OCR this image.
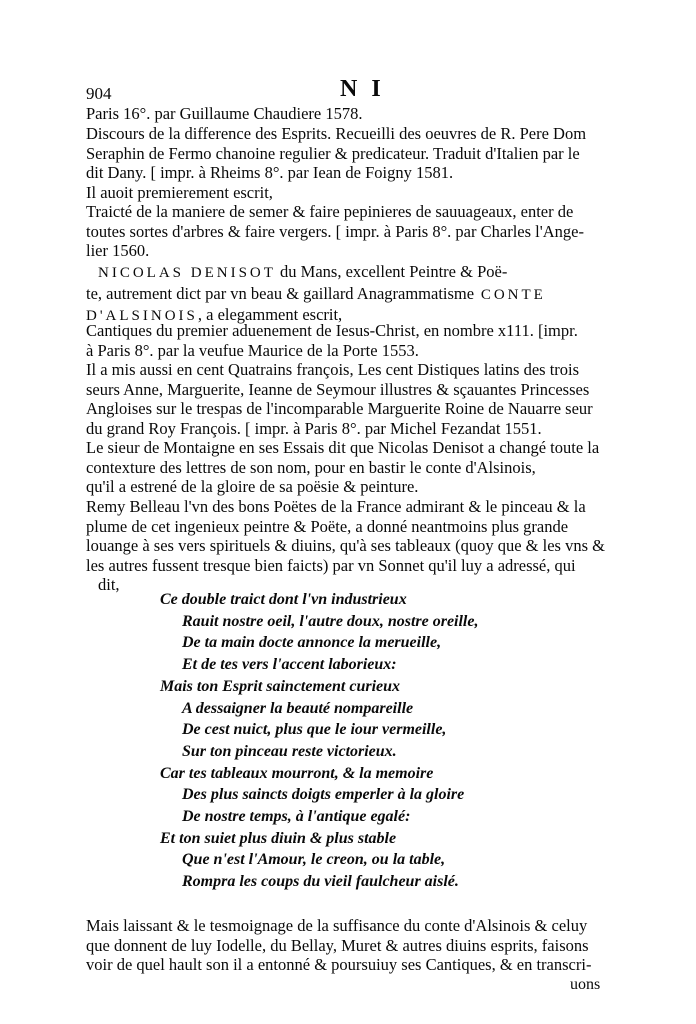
904	N I
Paris 16°. par Guillaume Chaudiere 1578.
Discours de la difference des Esprits. Recueilli des oeuvres de R. Pere Dom
Seraphin de Fermo chanoine regulier & predicateur. Traduit d'Italien par le
dit Dany. [ impr. à Rheims 8°. par Iean de Foigny 1581.
Il auoit premierement escrit,
Traicté de la maniere de semer & faire pepinieres de sauuageaux, enter de
toutes sortes d'arbres & faire vergers. [ impr. à Paris 8°. par Charles l'Ange-
lier 1560.
NICOLAS DENISOT du Mans, excellent Peintre & Poë-
te, autrement dict par vn beau & gaillard Anagrammatisme CONTE
D'ALSINOIS, a elegamment escrit,
Cantiques du premier aduenement de Iesus-Christ, en nombre x111. [impr.
à Paris 8°. par la veufue Maurice de la Porte 1553.
Il a mis aussi en cent Quatrains françois, Les cent Distiques latins des trois
seurs Anne, Marguerite, Ieanne de Seymour illustres & sçauantes Princesses
Angloises sur le trespas de l'incomparable Marguerite Roine de Nauarre seur
du grand Roy François. [ impr. à Paris 8°. par Michel Fezandat 1551.
Le sieur de Montaigne en ses Essais dit que Nicolas Denisot a changé toute la
contexture des lettres de son nom, pour en bastir le conte d'Alsinois,
qu'il a estrené de la gloire de sa poësie & peinture.
Remy Belleau l'vn des bons Poëtes de la France admirant & le pinceau & la
plume de cet ingenieux peintre & Poëte, a donné neantmoins plus grande
louange à ses vers spirituels & diuins, qu'à ses tableaux (quoy que & les vns &
les autres fussent tresque bien faicts) par vn Sonnet qu'il luy a adressé, qui
dit,
Ce double traict dont l'vn industrieux
Rauit nostre oeil, l'autre doux, nostre oreille,
De ta main docte annonce la merueille,
Et de tes vers l'accent laborieux:
Mais ton Esprit sainctement curieux
A dessaigner la beauté nompareille
De cest nuict, plus que le iour vermeille,
Sur ton pinceau reste victorieux.
Car tes tableaux mourront, & la memoire
Des plus saincts doigts emperler à la gloire
De nostre temps, à l'antique egalé:
Et ton suiet plus diuin & plus stable
Que n'est l'Amour, le creon, ou la table,
Rompra les coups du vieil faulcheur aislé.
Mais laissant & le tesmoignage de la suffisance du conte d'Alsinois & celuy
que donnent de luy Iodelle, du Bellay, Muret & autres diuins esprits, faisons
voir de quel hault son il a entonné & poursuiuy ses Cantiques, & en transcri-
uons
